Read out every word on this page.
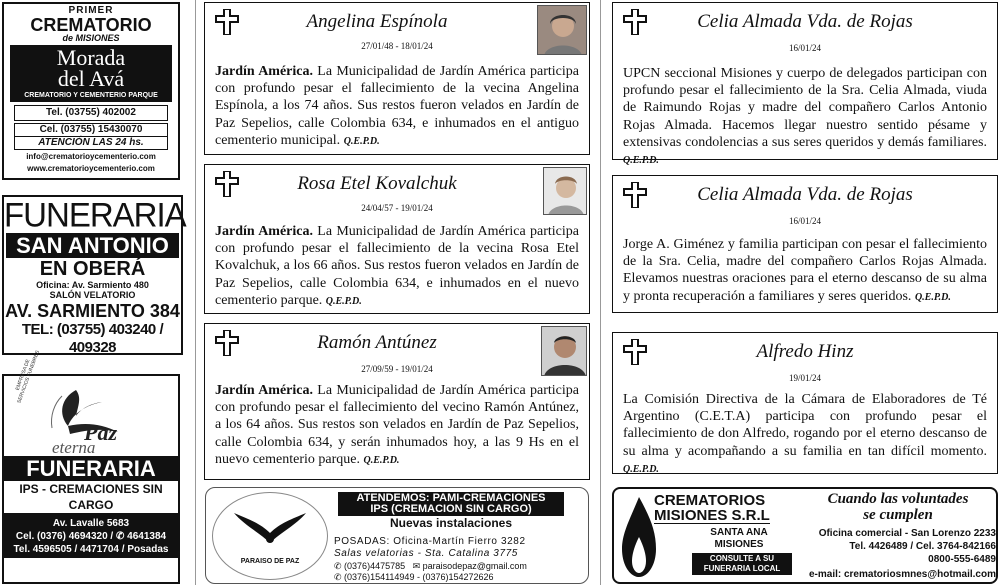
PRIMER
CREMATORIO
de MISIONES
Morada
del Avá
CREMATORIO Y CEMENTERIO PARQUE
Tel. (03755) 402002
Cel. (03755) 15430070
ATENCIÓN LAS 24 hs.
info@crematorioycementerio.com
www.crematorioycementerio.com
FUNERARIA
SAN ANTONIO
EN OBERÁ
Oficina: Av. Sarmiento 480
SALÓN VELATORIO
AV. SARMIENTO 384
TEL: (03755) 403240 / 409328
EMPRESA DE SERVICIOS FUNEBRES
Paz
eterna
FUNERARIA
IPS - CREMACIONES SIN CARGO
Av. Lavalle 5683
Cel. (0376) 4694320 / ✆ 4641384
Tel. 4596505 / 4471704 / Posadas
Angelina Espínola
27/01/48 - 18/01/24
Jardín América. La Municipalidad de Jardín América participa con profundo pesar el fallecimiento de la vecina Angelina Espínola, a los 74 años. Sus restos fueron velados en Jardín de Paz Sepelios, calle Colombia 634, e inhumados en el antiguo cementerio municipal. Q.E.P.D.
Rosa Etel Kovalchuk
24/04/57 - 19/01/24
Jardín América. La Municipalidad de Jardín América participa con profundo pesar el fallecimiento de la vecina Rosa Etel Kovalchuk, a los 66 años. Sus restos fueron velados en Jardín de Paz Sepelios, calle Colombia 634, e inhumados en el nuevo cementerio parque. Q.E.P.D.
Ramón Antúnez
27/09/59 - 19/01/24
Jardín América. La Municipalidad de Jardín América participa con profundo pesar el fallecimiento del vecino Ramón Antúnez, a los 64 años. Sus restos son velados en Jardín de Paz Sepelios, calle Colombia 634, y serán inhumados hoy, a las 9 Hs en el nuevo cementerio parque. Q.E.P.D.
Celia Almada Vda. de Rojas
16/01/24
UPCN seccional Misiones y cuerpo de delegados participan con profundo pesar el fallecimiento de la Sra. Celia Almada, viuda de Raimundo Rojas y madre del compañero Carlos Antonio Rojas Almada. Hacemos llegar nuestro sentido pésame y extensivas condolencias a sus seres queridos y demás familiares. Q.E.P.D.
Celia Almada Vda. de Rojas
16/01/24
Jorge A. Giménez y familia participan con pesar el fallecimiento de la Sra. Celia, madre del compañero Carlos Rojas Almada. Elevamos nuestras oraciones para el eterno descanso de su alma y pronta recuperación a familiares y seres queridos. Q.E.P.D.
Alfredo Hinz
19/01/24
La Comisión Directiva de la Cámara de Elaboradores de Té Argentino (C.E.T.A) participa con profundo pesar el fallecimiento de don Alfredo, rogando por el eterno descanso de su alma y acompañando a su familia en tan difícil momento. Q.E.P.D.
PARAISO DE PAZ
ATENDEMOS: PAMI-CREMACIONES
IPS (CREMACION SIN CARGO)
Nuevas instalaciones
POSADAS: Oficina-Martín Fierro 3282
Salas velatorias - Sta. Catalina 3775
✆ (0376)4475785 ✉ paraisodepaz@gmail.com
✆ (0376)154114949 - (0376)154272626
CREMATORIOS
MISIONES S.R.L
Cuando las voluntades
se cumplen
SANTA ANA
MISIONES
CONSULTE A SU
FUNERARIA LOCAL
Oficina comercial - San Lorenzo 2233
Tel. 4426489 / Cel. 3764-842166
0800-555-6489
e-mail: crematoriosmnes@hotmail.com
